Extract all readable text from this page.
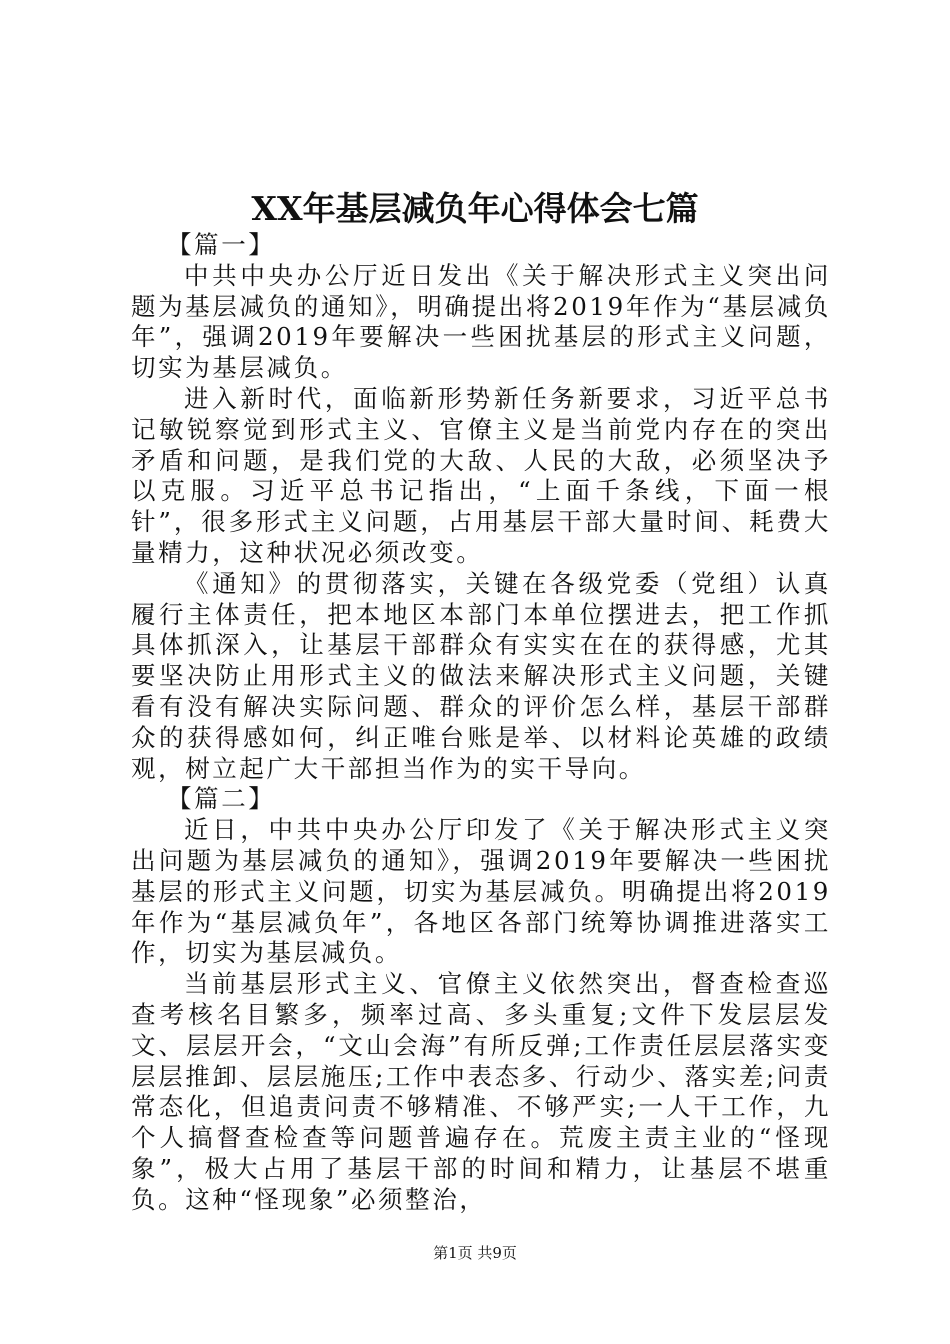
XX年基层减负年心得体会七篇

【篇一】

中共中央办公厅近日发出《关于解决形式主义突出问题为基层减负的通知》，明确提出将2019年作为“基层减负年”，强调2019年要解决一些困扰基层的形式主义问题，切实为基层减负。

进入新时代，面临新形势新任务新要求，习近平总书记敏锐察觉到形式主义、官僚主义是当前党内存在的突出矛盾和问题，是我们党的大敌、人民的大敌，必须坚决予以克服。习近平总书记指出，“上面千条线，下面一根针”，很多形式主义问题，占用基层干部大量时间、耗费大量精力，这种状况必须改变。

《通知》的贯彻落实，关键在各级党委（党组）认真履行主体责任，把本地区本部门本单位摆进去，把工作抓具体抓深入，让基层干部群众有实实在在的获得感，尤其要坚决防止用形式主义的做法来解决形式主义问题，关键看有没有解决实际问题、群众的评价怎么样，基层干部群众的获得感如何，纠正唯台账是举、以材料论英雄的政绩观，树立起广大干部担当作为的实干导向。

【篇二】

近日，中共中央办公厅印发了《关于解决形式主义突出问题为基层减负的通知》，强调2019年要解决一些困扰基层的形式主义问题，切实为基层减负。明确提出将2019年作为“基层减负年”，各地区各部门统筹协调推进落实工作，切实为基层减负。

当前基层形式主义、官僚主义依然突出，督查检查巡查考核名目繁多，频率过高、多头重复;文件下发层层发文、层层开会，“文山会海”有所反弹;工作责任层层落实变层层推卸、层层施压;工作中表态多、行动少、落实差;问责常态化，但追责问责不够精准、不够严实;一人干工作，九个人搞督查检查等问题普遍存在。荒废主责主业的“怪现象”，极大占用了基层干部的时间和精力，让基层不堪重负。这种“怪现象”必须整治，

第1页 共9页
